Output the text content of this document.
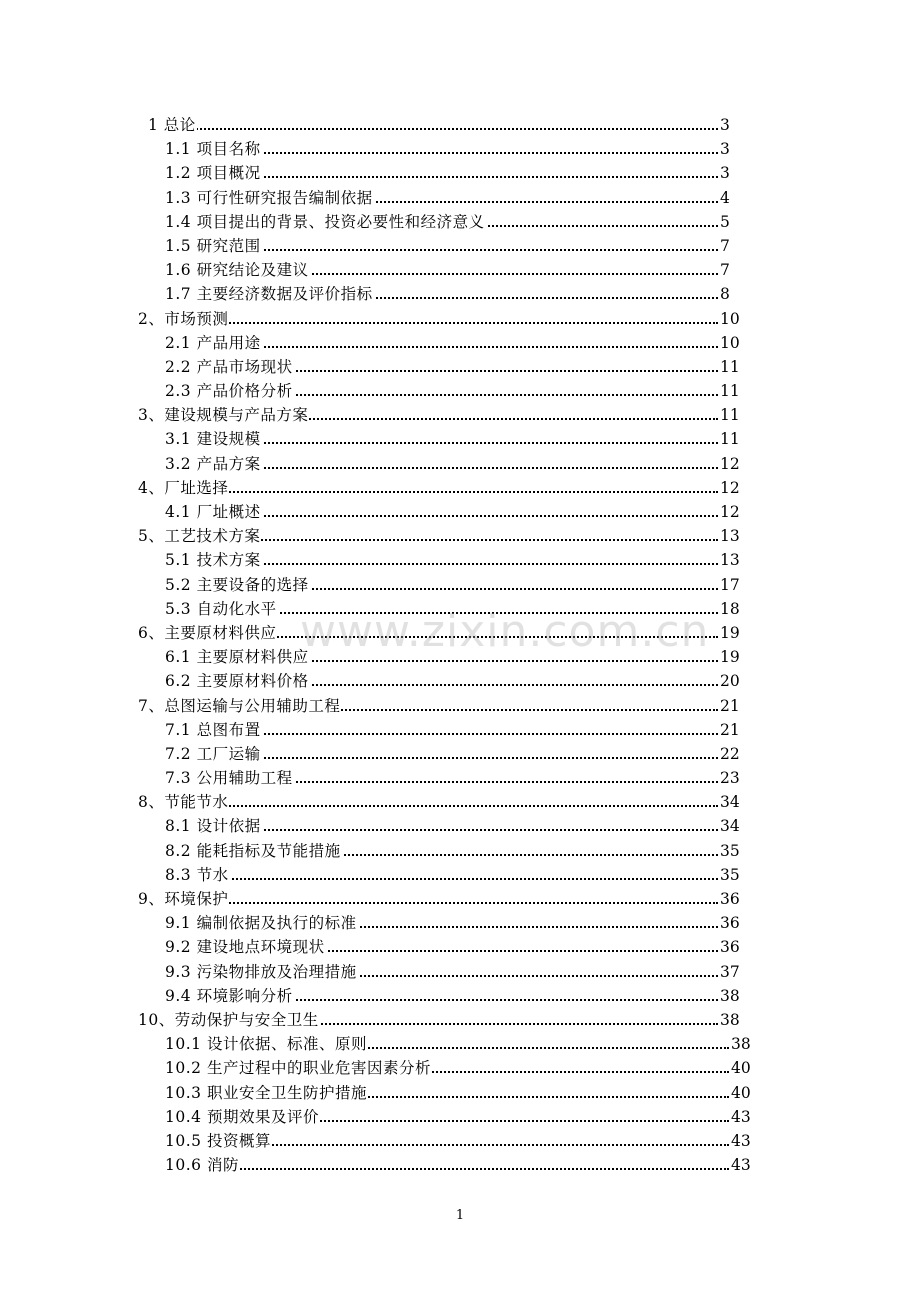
1 总论	3
1.1 项目名称	3
1.2 项目概况	3
1.3 可行性研究报告编制依据	4
1.4 项目提出的背景、投资必要性和经济意义	5
1.5 研究范围	7
1.6 研究结论及建议	7
1.7 主要经济数据及评价指标	8
2、市场预测	10
2.1 产品用途	10
2.2 产品市场现状	11
2.3 产品价格分析	11
3、建设规模与产品方案	11
3.1 建设规模	11
3.2 产品方案	12
4、厂址选择	12
4.1 厂址概述	12
5、工艺技术方案	13
5.1 技术方案	13
5.2 主要设备的选择	17
5.3 自动化水平	18
6、主要原材料供应	19
6.1 主要原材料供应	19
6.2 主要原材料价格	20
7、总图运输与公用辅助工程	21
7.1 总图布置	21
7.2 工厂运输	22
7.3 公用辅助工程	23
8、节能节水	34
8.1 设计依据	34
8.2 能耗指标及节能措施	35
8.3 节水	35
9、环境保护	36
9.1 编制依据及执行的标准	36
9.2 建设地点环境现状	36
9.3 污染物排放及治理措施	37
9.4 环境影响分析	38
10、劳动保护与安全卫生	38
10.1 设计依据、标准、原则	38
10.2 生产过程中的职业危害因素分析	40
10.3 职业安全卫生防护措施	40
10.4 预期效果及评价	43
10.5 投资概算	43
10.6 消防	43
www.zixin.com.cn
1
